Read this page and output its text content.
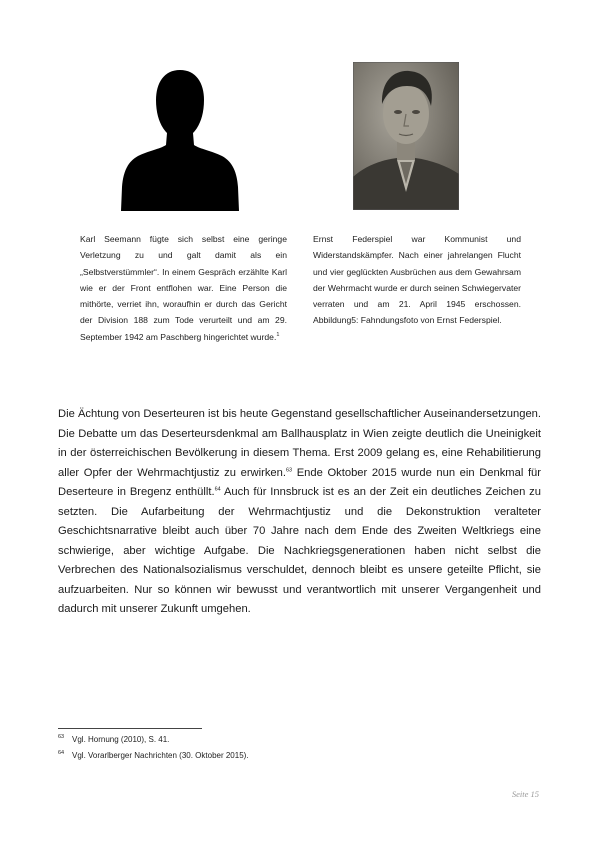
Karl Seemann fügte sich selbst eine geringe Verletzung zu und galt damit als ein „Selbstverstümmler“. In einem Gespräch erzählte Karl wie er der Front entflohen war. Eine Person die mithörte, verriet ihn, woraufhin er durch das Gericht der Division 188 zum Tode verurteilt und am 29. September 1942 am Paschberg hingerichtet wurde.$^1$
Ernst Federspiel war Kommunist und Widerstandskämpfer. Nach einer jahrelangen Flucht und vier geglückten Ausbrüchen aus dem Gewahrsam der Wehrmacht wurde er durch seinen Schwiegervater verraten und am 21. April 1945 erschossen. Abbildung5: Fahndungsfoto von Ernst Federspiel.
Die Ächtung von Deserteuren ist bis heute Gegenstand gesellschaftlicher Auseinandersetzungen. Die Debatte um das Deserteursdenkmal am Ballhausplatz in Wien zeigte deutlich die Uneinigkeit in der österreichischen Bevölkerung in diesem Thema. Erst 2009 gelang es, eine Rehabilitierung aller Opfer der Wehrmachtjustiz zu erwirken.$^{63}$ Ende Oktober 2015 wurde nun ein Denkmal für Deserteure in Bregenz enthüllt.$^{64}$ Auch für Innsbruck ist es an der Zeit ein deutliches Zeichen zu setzten. Die Aufarbeitung der Wehrmachtjustiz und die Dekonstruktion veralteter Geschichtsnarrative bleibt auch über 70 Jahre nach dem Ende des Zweiten Weltkriegs eine schwierige, aber wichtige Aufgabe. Die Nachkriegsgenerationen haben nicht selbst die Verbrechen des Nationalsozialismus verschuldet, dennoch bleibt es unsere geteilte Pflicht, sie aufzuarbeiten. Nur so können wir bewusst und verantwortlich mit unserer Vergangenheit und dadurch mit unserer Zukunft umgehen.
$^{63}$ Vgl. Hornung (2010), S. 41.
$^{64}$ Vgl. Vorarlberger Nachrichten (30. Oktober 2015).
Seite 15
